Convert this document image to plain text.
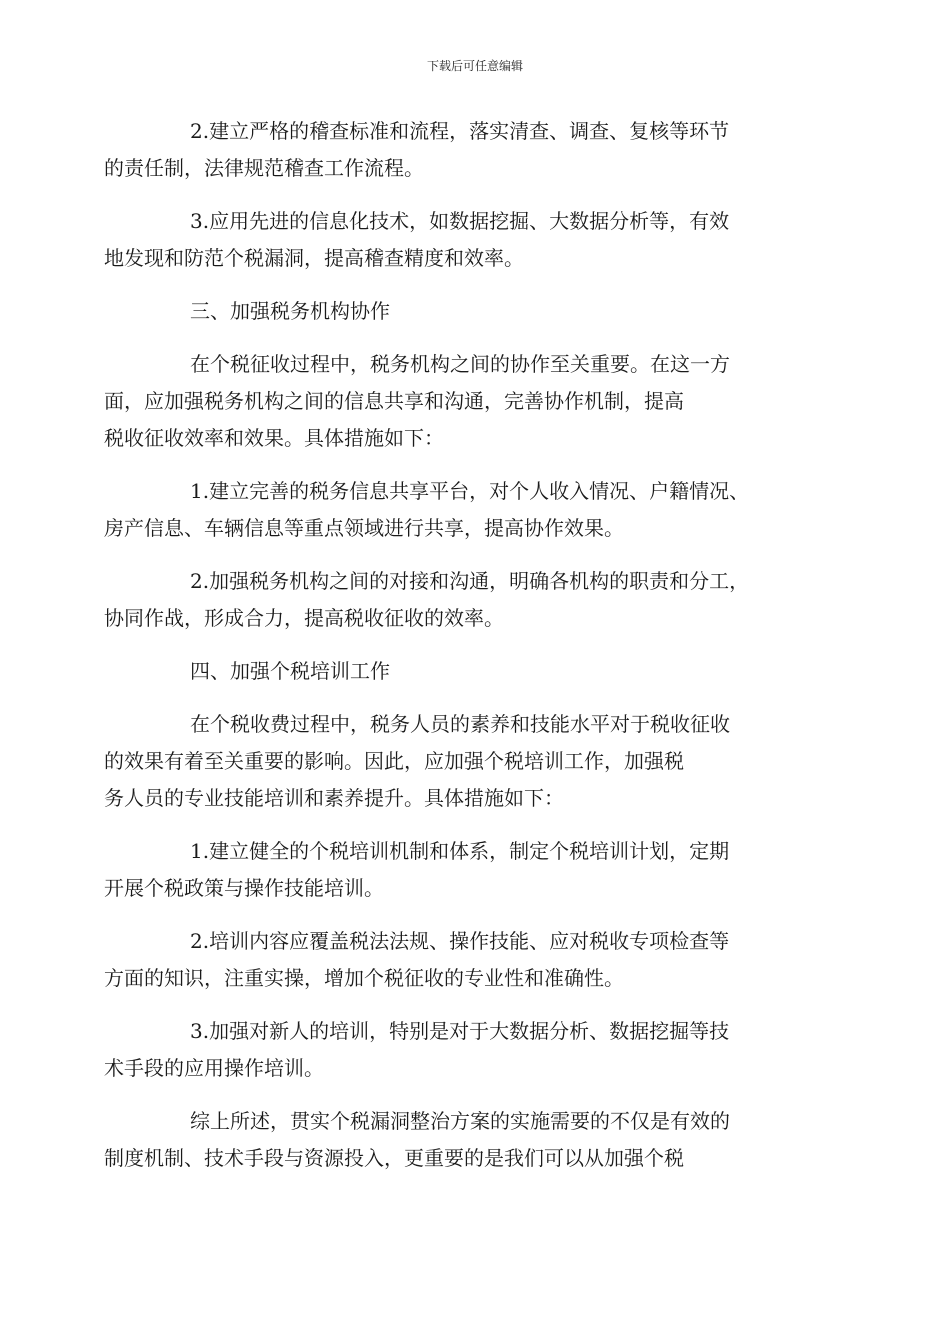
下载后可任意编辑

2.建立严格的稽查标准和流程，落实清查、调查、复核等环节
的责任制，法律规范稽查工作流程。

3.应用先进的信息化技术，如数据挖掘、大数据分析等，有效
地发现和防范个税漏洞，提高稽查精度和效率。

三、加强税务机构协作

在个税征收过程中，税务机构之间的协作至关重要。在这一方
面，应加强税务机构之间的信息共享和沟通，完善协作机制，提高
税收征收效率和效果。具体措施如下：

1.建立完善的税务信息共享平台，对个人收入情况、户籍情况、
房产信息、车辆信息等重点领域进行共享，提高协作效果。

2.加强税务机构之间的对接和沟通，明确各机构的职责和分工，
协同作战，形成合力，提高税收征收的效率。

四、加强个税培训工作

在个税收费过程中，税务人员的素养和技能水平对于税收征收
的效果有着至关重要的影响。因此，应加强个税培训工作，加强税
务人员的专业技能培训和素养提升。具体措施如下：

1.建立健全的个税培训机制和体系，制定个税培训计划，定期
开展个税政策与操作技能培训。

2.培训内容应覆盖税法法规、操作技能、应对税收专项检查等
方面的知识，注重实操，增加个税征收的专业性和准确性。

3.加强对新人的培训，特别是对于大数据分析、数据挖掘等技
术手段的应用操作培训。

综上所述，贯实个税漏洞整治方案的实施需要的不仅是有效的
制度机制、技术手段与资源投入，更重要的是我们可以从加强个税
